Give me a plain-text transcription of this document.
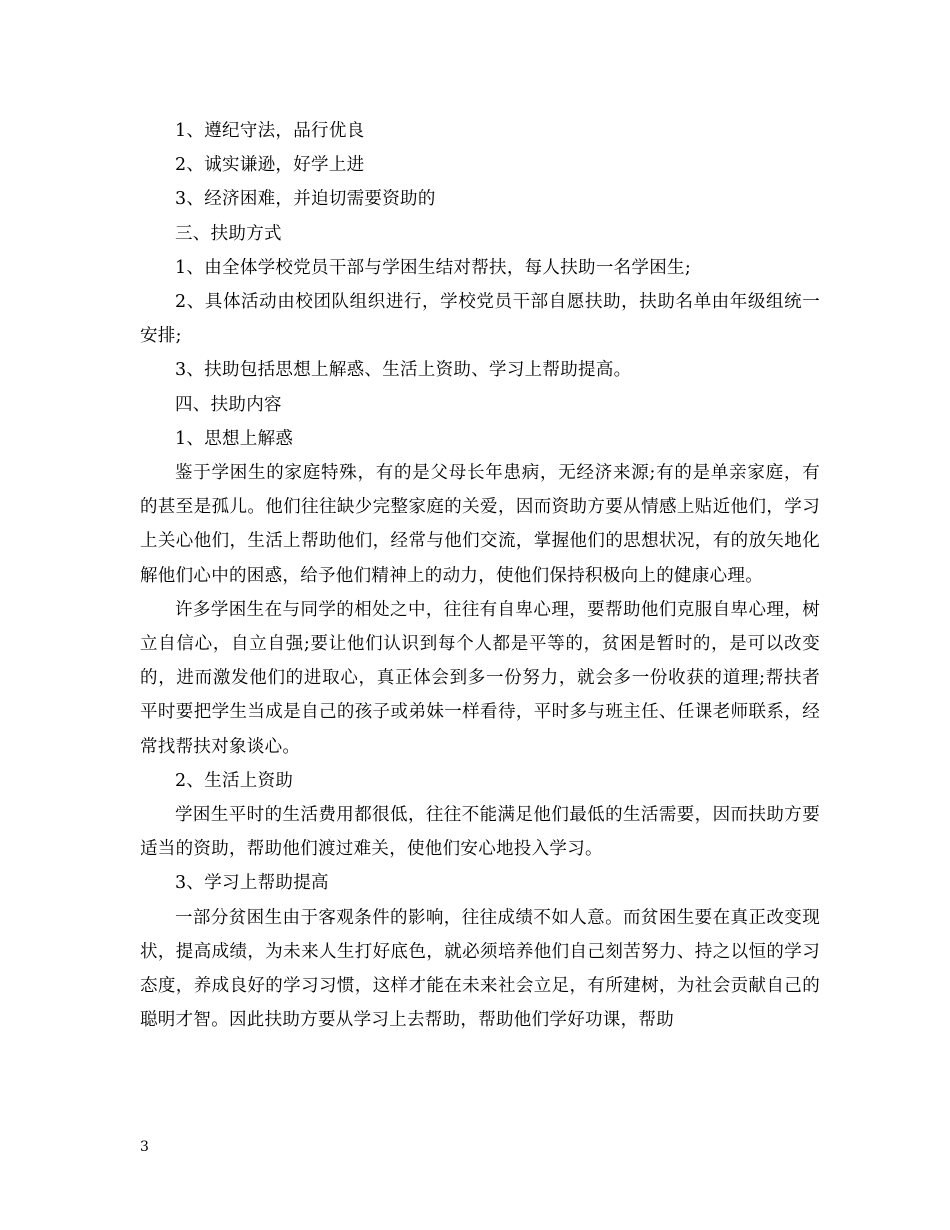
1、遵纪守法，品行优良

2、诚实谦逊，好学上进

3、经济困难，并迫切需要资助的

三、扶助方式

1、由全体学校党员干部与学困生结对帮扶，每人扶助一名学困生;

2、具体活动由校团队组织进行，学校党员干部自愿扶助，扶助名单由年级组统一安排;

3、扶助包括思想上解惑、生活上资助、学习上帮助提高。

四、扶助内容

1、思想上解惑

鉴于学困生的家庭特殊，有的是父母长年患病，无经济来源;有的是单亲家庭，有的甚至是孤儿。他们往往缺少完整家庭的关爱，因而资助方要从情感上贴近他们，学习上关心他们，生活上帮助他们，经常与他们交流，掌握他们的思想状况，有的放矢地化解他们心中的困惑，给予他们精神上的动力，使他们保持积极向上的健康心理。

许多学困生在与同学的相处之中，往往有自卑心理，要帮助他们克服自卑心理，树立自信心，自立自强;要让他们认识到每个人都是平等的，贫困是暂时的，是可以改变的，进而激发他们的进取心，真正体会到多一份努力，就会多一份收获的道理;帮扶者平时要把学生当成是自己的孩子或弟妹一样看待，平时多与班主任、任课老师联系，经常找帮扶对象谈心。

2、生活上资助

学困生平时的生活费用都很低，往往不能满足他们最低的生活需要，因而扶助方要适当的资助，帮助他们渡过难关，使他们安心地投入学习。

3、学习上帮助提高

一部分贫困生由于客观条件的影响，往往成绩不如人意。而贫困生要在真正改变现状，提高成绩，为未来人生打好底色，就必须培养他们自己刻苦努力、持之以恒的学习态度，养成良好的学习习惯，这样才能在未来社会立足，有所建树，为社会贡献自己的聪明才智。因此扶助方要从学习上去帮助，帮助他们学好功课，帮助

3
